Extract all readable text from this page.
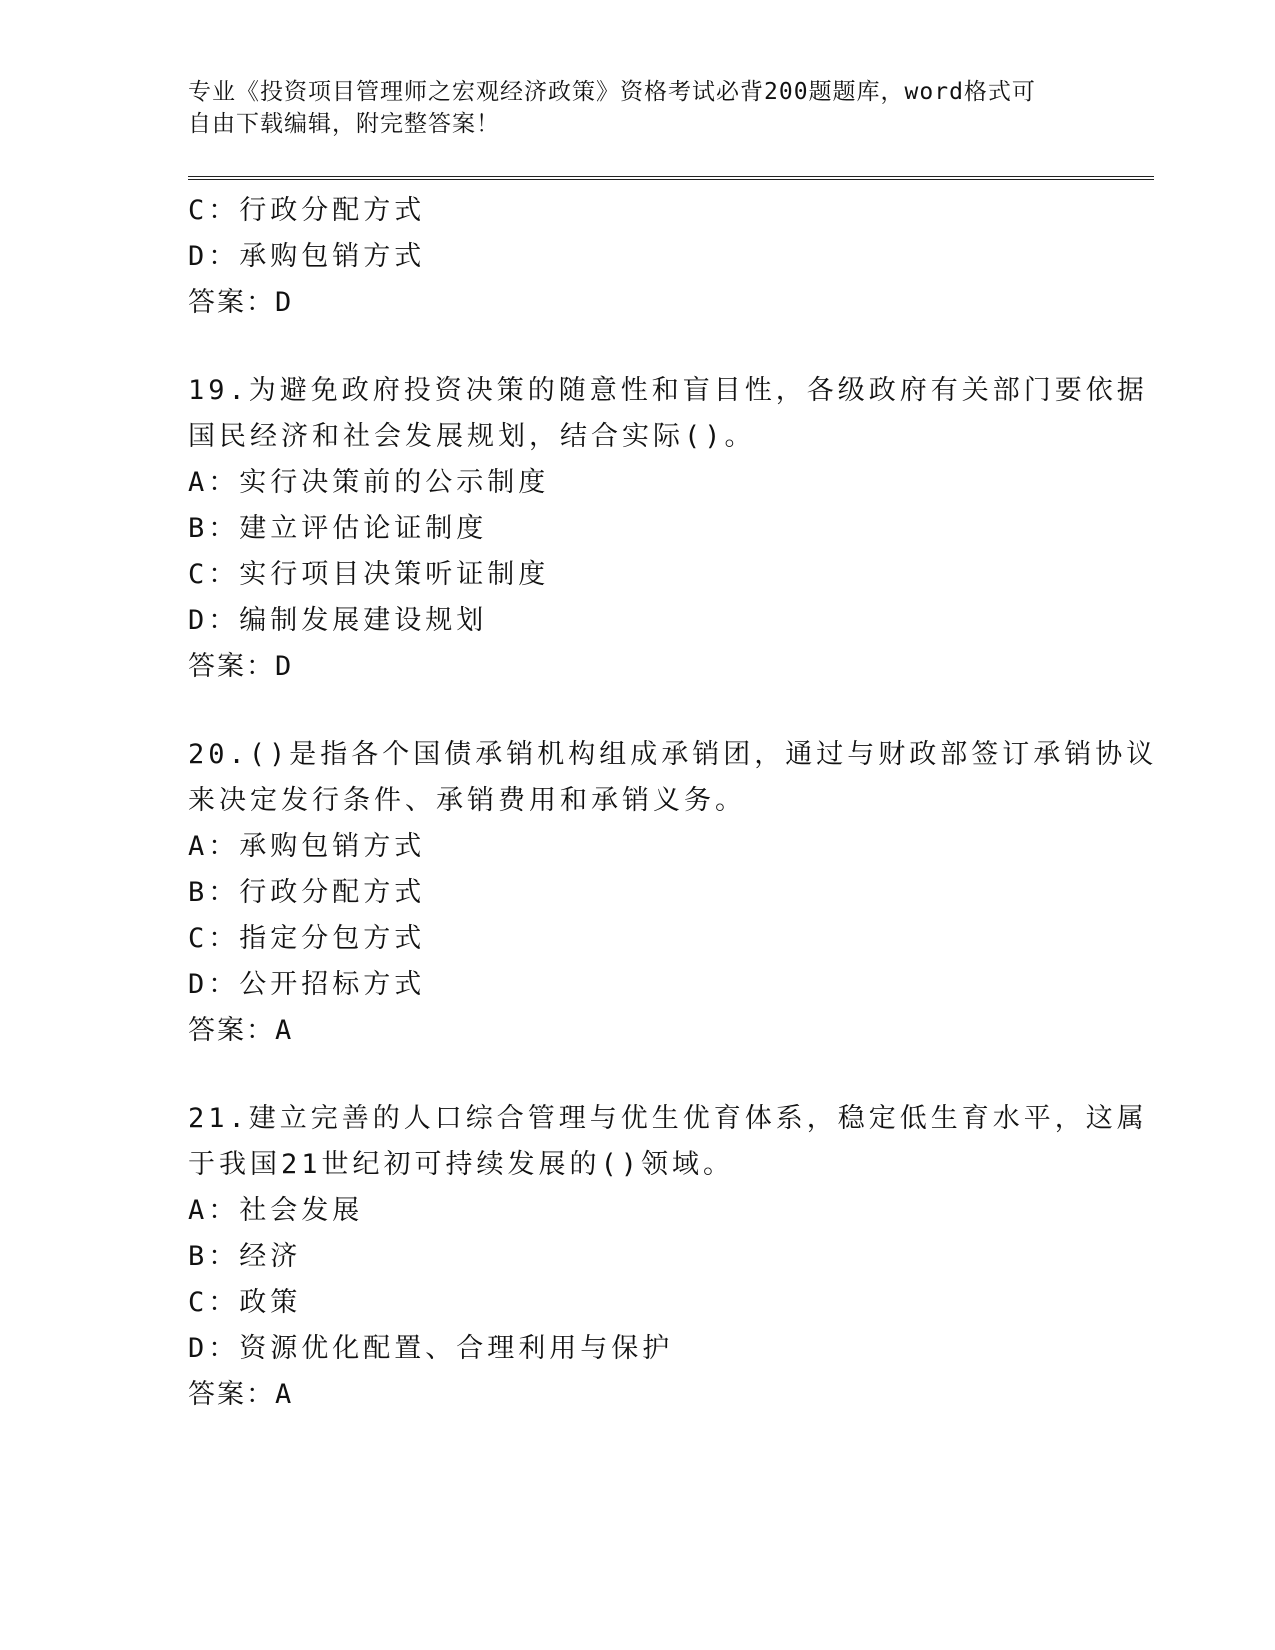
专业《投资项目管理师之宏观经济政策》资格考试必背200题题库，word格式可
自由下载编辑，附完整答案！
C：行政分配方式
D：承购包销方式
答案：D
19.为避免政府投资决策的随意性和盲目性，各级政府有关部门要依据
国民经济和社会发展规划，结合实际()。
A：实行决策前的公示制度
B：建立评估论证制度
C：实行项目决策听证制度
D：编制发展建设规划
答案：D
20.()是指各个国债承销机构组成承销团，通过与财政部签订承销协议
来决定发行条件、承销费用和承销义务。
A：承购包销方式
B：行政分配方式
C：指定分包方式
D：公开招标方式
答案：A
21.建立完善的人口综合管理与优生优育体系，稳定低生育水平，这属
于我国21世纪初可持续发展的()领域。
A：社会发展
B：经济
C：政策
D：资源优化配置、合理利用与保护
答案：A
